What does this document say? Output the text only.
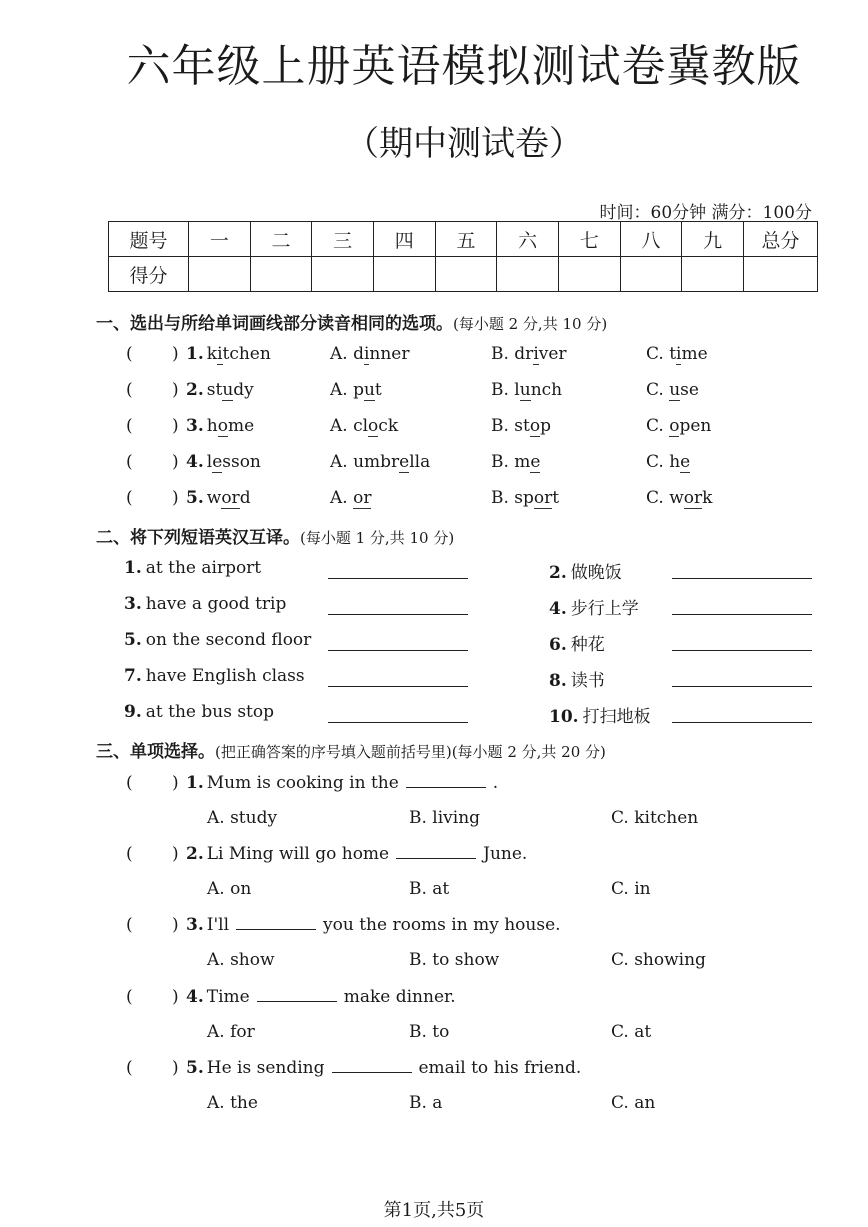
六年级上册英语模拟测试卷冀教版
（期中测试卷）
时间：60分钟 满分：100分
题号	一	二	三	四	五	六	七	八	九	总分
得分										
一、选出与所给单词画线部分读音相同的选项。(每小题 2 分,共 10 分)
( ) 1. kitchen	A. dinner	B. driver	C. time
( ) 2. study	A. put	B. lunch	C. use
( ) 3. home	A. clock	B. stop	C. open
( ) 4. lesson	A. umbrella	B. me	C. he
( ) 5. word	A. or	B. sport	C. work
二、将下列短语英汉互译。(每小题 1 分,共 10 分)
1. at the airport	2. 做晚饭
3. have a good trip	4. 步行上学
5. on the second floor	6. 种花
7. have English class	8. 读书
9. at the bus stop	10. 打扫地板
三、单项选择。(把正确答案的序号填入题前括号里)(每小题 2 分,共 20 分)
( ) 1. Mum is cooking in the	.
A. study	B. living	C. kitchen
( ) 2. Li Ming will go home	June.
A. on	B. at	C. in
( ) 3. I'll	you the rooms in my house.
A. show	B. to show	C. showing
( ) 4. Time	make dinner.
A. for	B. to	C. at
( ) 5. He is sending	email to his friend.
A. the	B. a	C. an
第1页,共5页
